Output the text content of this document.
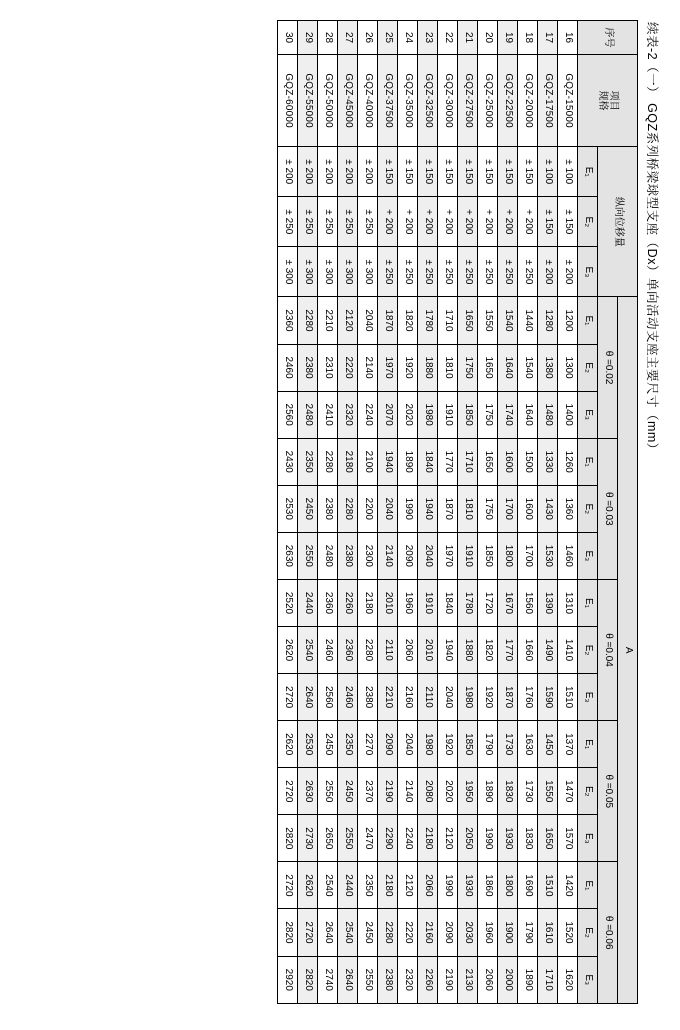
续表-2（一） GQZ系列桥梁球型支座（Dx）单向活动支座主要尺寸（mm）
序号	项目
规格	纵向位移量			A														
					θ =0.02			θ =0.03			θ =0.04			θ =0.05			θ =0.06		
		E₁	E₂	E₃	E₁	E₂	E₃	E₁	E₂	E₃	E₁	E₂	E₃	E₁	E₂	E₃	E₁	E₂	E₃
16	GQZ-15000	± 100	± 150	± 200	1200	1300	1400	1260	1360	1460	1310	1410	1510	1370	1470	1570	1420	1520	1620
17	GQZ-17500	± 100	± 150	± 200	1280	1380	1480	1330	1430	1530	1390	1490	1590	1450	1550	1650	1510	1610	1710
18	GQZ-20000	± 150	+ 200	± 250	1440	1540	1640	1500	1600	1700	1560	1660	1760	1630	1730	1830	1690	1790	1890
19	GQZ-22500	± 150	+ 200	± 250	1540	1640	1740	1600	1700	1800	1670	1770	1870	1730	1830	1930	1800	1900	2000
20	GQZ-25000	± 150	+ 200	± 250	1550	1650	1750	1650	1750	1850	1720	1820	1920	1790	1890	1990	1860	1960	2060
21	GQZ-27500	± 150	+ 200	± 250	1650	1750	1850	1710	1810	1910	1780	1880	1980	1850	1950	2050	1930	2030	2130
22	GQZ-30000	± 150	+ 200	± 250	1710	1810	1910	1770	1870	1970	1840	1940	2040	1920	2020	2120	1990	2090	2190
23	GQZ-32500	± 150	+ 200	± 250	1780	1880	1980	1840	1940	2040	1910	2010	2110	1980	2080	2180	2060	2160	2260
24	GQZ-35000	± 150	+ 200	± 250	1820	1920	2020	1890	1990	2090	1960	2060	2160	2040	2140	2240	2120	2220	2320
25	GQZ-37500	± 150	+ 200	± 250	1870	1970	2070	1940	2040	2140	2010	2110	2210	2090	2190	2290	2180	2280	2380
26	GQZ-40000	± 200	± 250	± 300	2040	2140	2240	2100	2200	2300	2180	2280	2380	2270	2370	2470	2350	2450	2550
27	GQZ-45000	± 200	± 250	± 300	2120	2220	2320	2180	2280	2380	2260	2360	2460	2350	2450	2550	2440	2540	2640
28	GQZ-50000	± 200	± 250	± 300	2210	2310	2410	2280	2380	2480	2360	2460	2560	2450	2550	2650	2540	2640	2740
29	GQZ-55000	± 200	± 250	± 300	2280	2380	2480	2350	2450	2550	2440	2540	2640	2530	2630	2730	2620	2720	2820
30	GQZ-60000	± 200	± 250	± 300	2360	2460	2560	2430	2530	2630	2520	2620	2720	2620	2720	2820	2720	2820	2920
